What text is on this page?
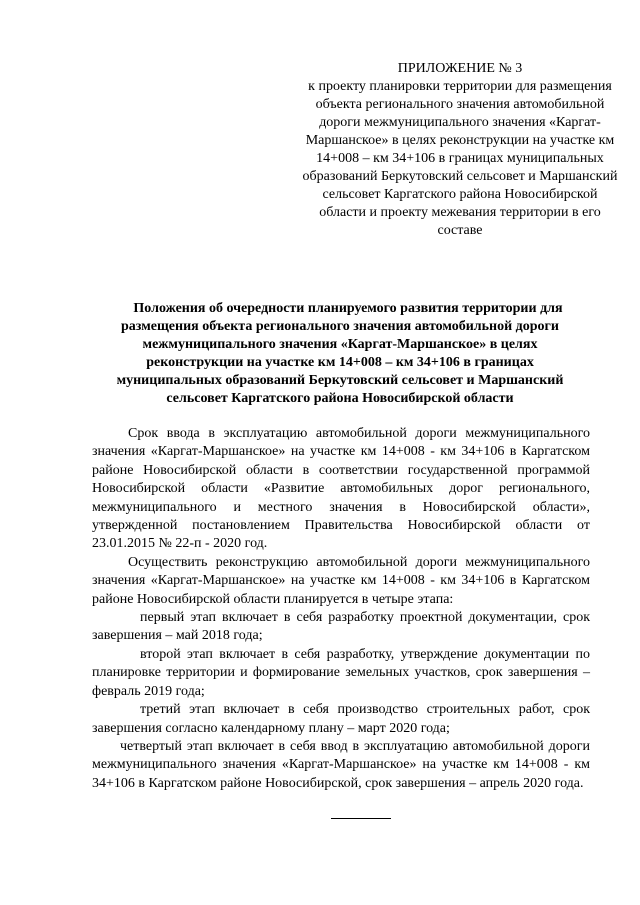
ПРИЛОЖЕНИЕ № 3
к проекту планировки территории для размещения объекта регионального значения автомобильной дороги межмуниципального значения «Каргат-Маршанское» в целях реконструкции на участке км 14+008 – км 34+106 в границах муниципальных образований Беркутовский сельсовет и Маршанский сельсовет Каргатского района Новосибирской области и проекту межевания территории в его составе
Положения об очередности планируемого развития территории для размещения объекта регионального значения автомобильной дороги межмуниципального значения «Каргат-Маршанское» в целях реконструкции на участке км 14+008 – км 34+106 в границах муниципальных образований Беркутовский сельсовет и Маршанский сельсовет Каргатского района Новосибирской области

Срок ввода в эксплуатацию автомобильной дороги межмуниципального значения «Каргат-Маршанское» на участке км 14+008 - км 34+106 в Каргатском районе Новосибирской области в соответствии государственной программой Новосибирской области «Развитие автомобильных дорог регионального, межмуниципального и местного значения в Новосибирской области», утвержденной постановлением Правительства Новосибирской области от 23.01.2015 № 22-п - 2020 год.

Осуществить реконструкцию автомобильной дороги межмуниципального значения «Каргат-Маршанское» на участке км 14+008 - км 34+106 в Каргатском районе Новосибирской области планируется в четыре этапа:

первый этап включает в себя разработку проектной документации, срок завершения – май 2018 года;

второй этап включает в себя разработку, утверждение документации по планировке территории и формирование земельных участков, срок завершения – февраль 2019 года;

третий этап включает в себя производство строительных работ, срок завершения согласно календарному плану – март 2020 года;

четвертый этап включает в себя ввод в эксплуатацию автомобильной дороги межмуниципального значения «Каргат-Маршанское» на участке км 14+008 - км 34+106 в Каргатском районе Новосибирской, срок завершения – апрель 2020 года.
